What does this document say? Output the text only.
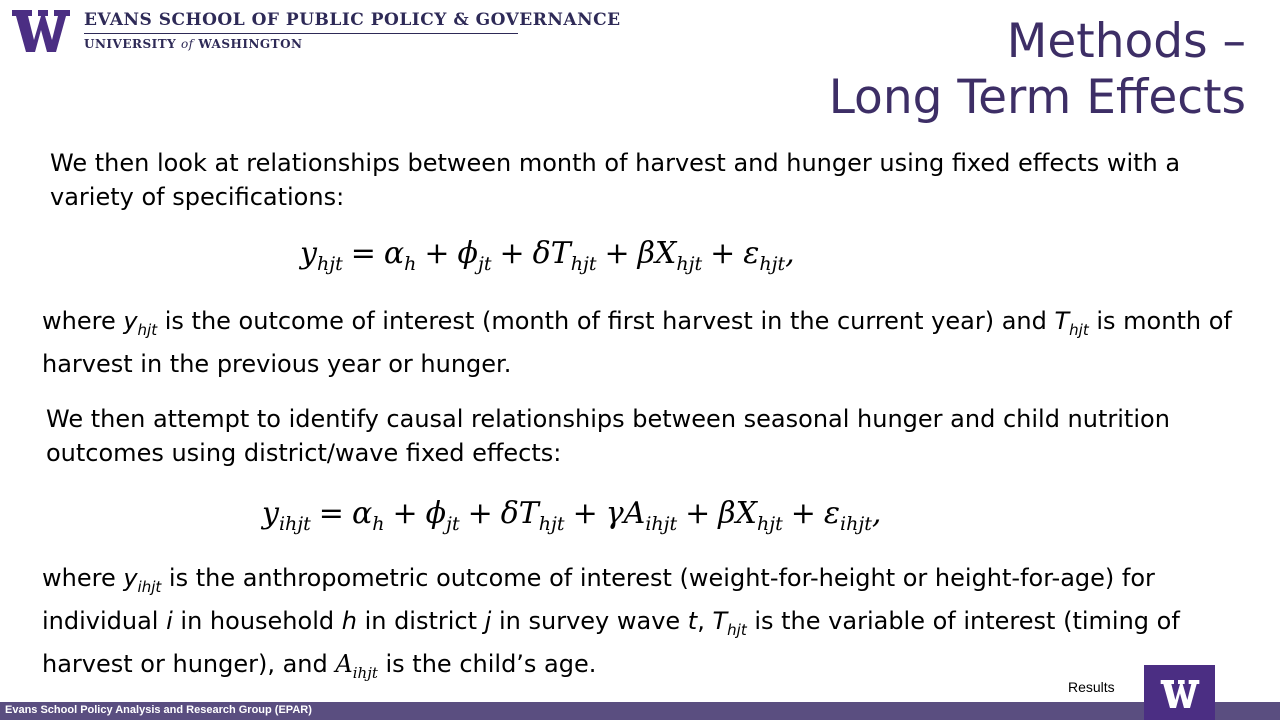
EVANS SCHOOL OF PUBLIC POLICY & GOVERNANCE
UNIVERSITY of WASHINGTON	Methods –
Long Term Effects
We then look at relationships between month of harvest and hunger using fixed effects with a variety of specifications:
$y_{hjt} = \alpha_h + \phi_{jt} + \delta T_{hjt} + \beta X_{hjt} + \varepsilon_{hjt}$,
where $y_{hjt}$ is the outcome of interest (month of first harvest in the current year) and $T_{hjt}$ is month of harvest in the previous year or hunger.
We then attempt to identify causal relationships between seasonal hunger and child nutrition outcomes using district/wave fixed effects:
$y_{ihjt} = \alpha_h + \phi_{jt} + \delta T_{hjt} + \gamma A_{ihjt} + \beta X_{hjt} + \varepsilon_{ihjt}$,
where $y_{ihjt}$ is the anthropometric outcome of interest (weight-for-height or height-for-age) for individual i in household h in district j in survey wave t, $T_{hjt}$ is the variable of interest (timing of harvest or hunger), and $A_{ihjt}$ is the child’s age.
Results
Evans School Policy Analysis and Research Group (EPAR)
